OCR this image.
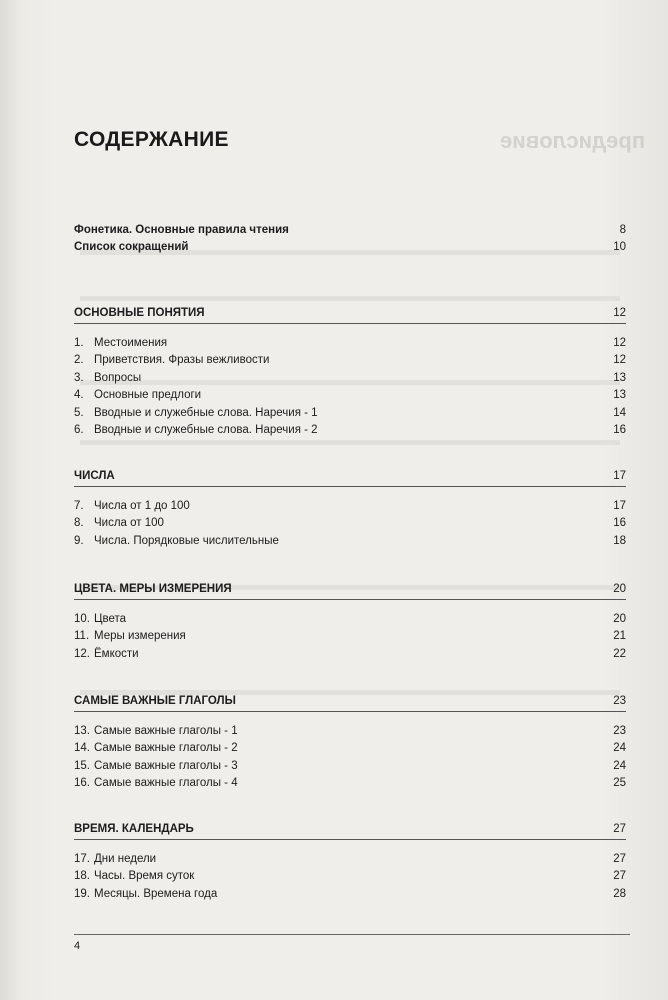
предисловие
СОДЕРЖАНИЕ
Фонетика. Основные правила чтения	8
Список сокращений	10
ОСНОВНЫЕ ПОНЯТИЯ	12
1. Местоимения	12
2. Приветствия. Фразы вежливости	12
3. Вопросы	13
4. Основные предлоги	13
5. Вводные и служебные слова. Наречия - 1	14
6. Вводные и служебные слова. Наречия - 2	16
ЧИСЛА	17
7. Числа от 1 до 100	17
8. Числа от 100	16
9. Числа. Порядковые числительные	18
ЦВЕТА. МЕРЫ ИЗМЕРЕНИЯ	20
10. Цвета	20
11. Меры измерения	21
12. Ёмкости	22
САМЫЕ ВАЖНЫЕ ГЛАГОЛЫ	23
13. Самые важные глаголы - 1	23
14. Самые важные глаголы - 2	24
15. Самые важные глаголы - 3	24
16. Самые важные глаголы - 4	25
ВРЕМЯ. КАЛЕНДАРЬ	27
17. Дни недели	27
18. Часы. Время суток	27
19. Месяцы. Времена года	28
4
